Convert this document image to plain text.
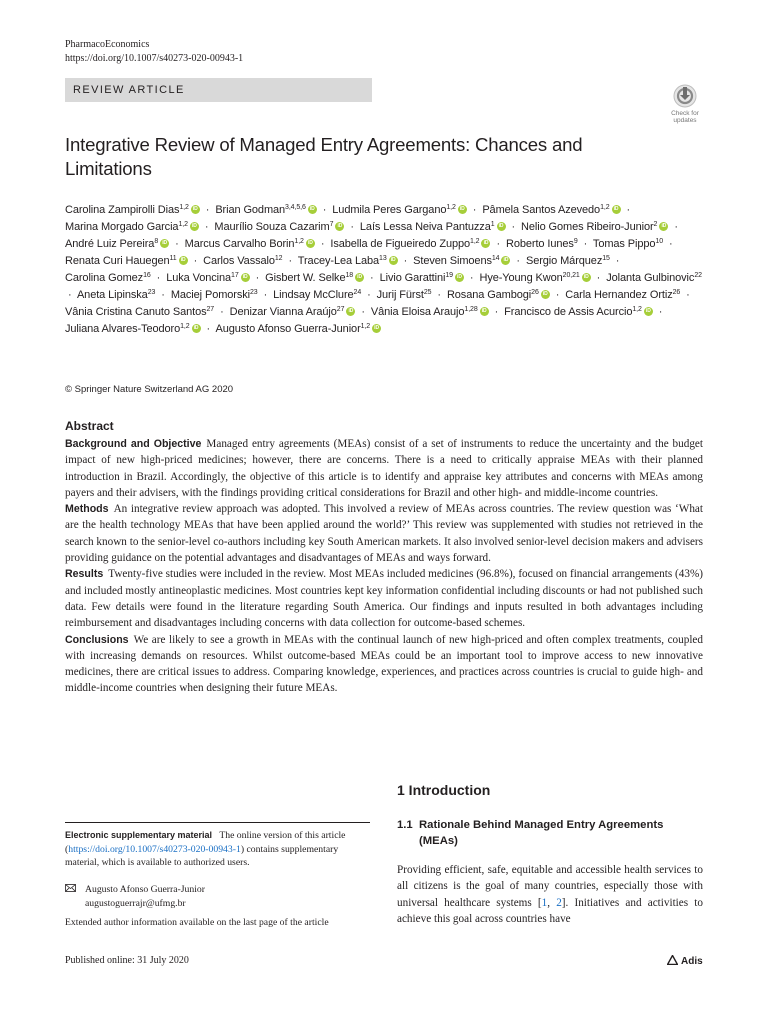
PharmacoEconomics
https://doi.org/10.1007/s40273-020-00943-1
REVIEW ARTICLE
Check for
updates
Integrative Review of Managed Entry Agreements: Chances and Limitations
Carolina Zampirolli Dias$^{1,2}$ iD · Brian Godman$^{3,4,5,6}$ iD · Ludmila Peres Gargano$^{1,2}$ iD · Pâmela Santos Azevedo$^{1,2}$ iD · Marina Morgado Garcia$^{1,2}$ iD · Maurílio Souza Cazarim$^7$ iD · Laís Lessa Neiva Pantuzza$^1$ iD · Nelio Gomes Ribeiro-Junior$^2$ iD · André Luiz Pereira$^8$ iD · Marcus Carvalho Borin$^{1,2}$ iD · Isabella de Figueiredo Zuppo$^{1,2}$ iD · Roberto Iunes$^9$ · Tomas Pippo$^{10}$ · Renata Curi Hauegen$^{11}$ iD · Carlos Vassalo$^{12}$ · Tracey-Lea Laba$^{13}$ iD · Steven Simoens$^{14}$ iD · Sergio Márquez$^{15}$ · Carolina Gomez$^{16}$ · Luka Voncina$^{17}$ iD · Gisbert W. Selke$^{18}$ iD · Livio Garattini$^{19}$ iD · Hye-Young Kwon$^{20,21}$ iD · Jolanta Gulbinovic$^{22}$ · Aneta Lipinska$^{23}$ · Maciej Pomorski$^{23}$ · Lindsay McClure$^{24}$ · Jurij Fürst$^{25}$ · Rosana Gambogi$^{26}$ iD · Carla Hernandez Ortiz$^{26}$ · Vânia Cristina Canuto Santos$^{27}$ · Denizar Vianna Araújo$^{27}$ iD · Vânia Eloisa Araujo$^{1,28}$ iD · Francisco de Assis Acurcio$^{1,2}$ iD · Juliana Alvares-Teodoro$^{1,2}$ iD · Augusto Afonso Guerra-Junior$^{1,2}$iD
© Springer Nature Switzerland AG 2020
Abstract

Background and Objective Managed entry agreements (MEAs) consist of a set of instruments to reduce the uncertainty and the budget impact of new high-priced medicines; however, there are concerns. There is a need to critically appraise MEAs with their planned introduction in Brazil. Accordingly, the objective of this article is to identify and appraise key attributes and concerns with MEAs among payers and their advisers, with the findings providing critical considerations for Brazil and other high- and middle-income countries.

Methods An integrative review approach was adopted. This involved a review of MEAs across countries. The review question was ‘What are the health technology MEAs that have been applied around the world?’ This review was supplemented with studies not retrieved in the search known to the senior-level co-authors including key South American markets. It also involved senior-level decision makers and advisers providing guidance on the potential advantages and disadvantages of MEAs and ways forward.

Results Twenty-five studies were included in the review. Most MEAs included medicines (96.8%), focused on financial arrangements (43%) and included mostly antineoplastic medicines. Most countries kept key information confidential including discounts or had not published such data. Few details were found in the literature regarding South America. Our findings and inputs resulted in both advantages including reimbursement and disadvantages including concerns with data collection for outcome-based schemes.

Conclusions We are likely to see a growth in MEAs with the continual launch of new high-priced and often complex treatments, coupled with increasing demands on resources. Whilst outcome-based MEAs could be an important tool to improve access to new innovative medicines, there are critical issues to address. Comparing knowledge, experiences, and practices across countries is crucial to guide high- and middle-income countries when designing their future MEAs.

1 Introduction
1.1 Rationale Behind Managed Entry Agreements (MEAs)
Providing efficient, safe, equitable and accessible health services to all citizens is the goal of many countries, especially those with universal healthcare systems [1, 2]. Initiatives and activities to achieve this goal across countries have
Electronic supplementary material The online version of this article (https://doi.org/10.1007/s40273-020-00943-1) contains supplementary material, which is available to authorized users.
Augusto Afonso Guerra-Junior
augustoguerrajr@ufmg.br
Extended author information available on the last page of the article
Published online: 31 July 2020	Adis
